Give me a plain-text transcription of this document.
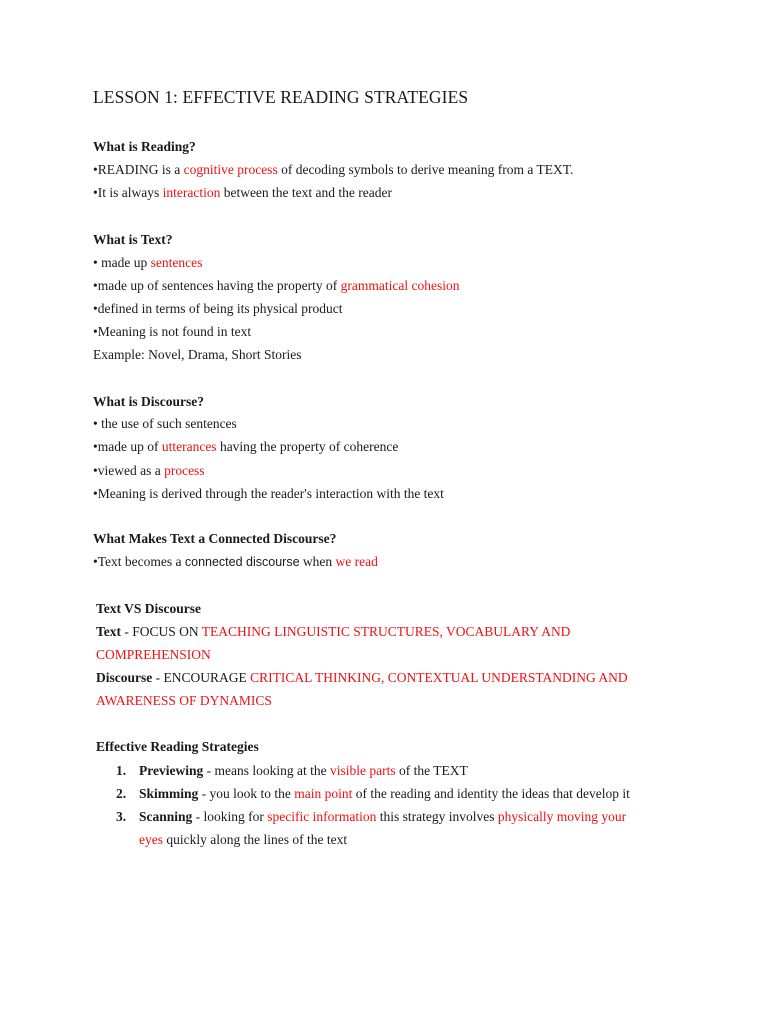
LESSON 1: EFFECTIVE READING STRATEGIES
What is Reading?
•READING is a cognitive process of decoding symbols to derive meaning from a TEXT.
•It is always interaction between the text and the reader
What is Text?
• made up sentences
•made up of sentences having the property of grammatical cohesion
•defined in terms of being its physical product
•Meaning is not found in text
Example: Novel, Drama, Short Stories
What is Discourse?
• the use of such sentences
•made up of utterances having the property of coherence
•viewed as a process
•Meaning is derived through the reader's interaction with the text
What Makes Text a Connected Discourse?
•Text becomes a connected discourse when we read
Text VS Discourse
Text - FOCUS ON TEACHING LINGUISTIC STRUCTURES, VOCABULARY AND
COMPREHENSION
Discourse - ENCOURAGE CRITICAL THINKING, CONTEXTUAL UNDERSTANDING AND
AWARENESS OF DYNAMICS
Effective Reading Strategies
1. Previewing - means looking at the visible parts of the TEXT
2. Skimming - you look to the main point of the reading and identity the ideas that develop it
3. Scanning - looking for specific information this strategy involves physically moving your
eyes quickly along the lines of the text
